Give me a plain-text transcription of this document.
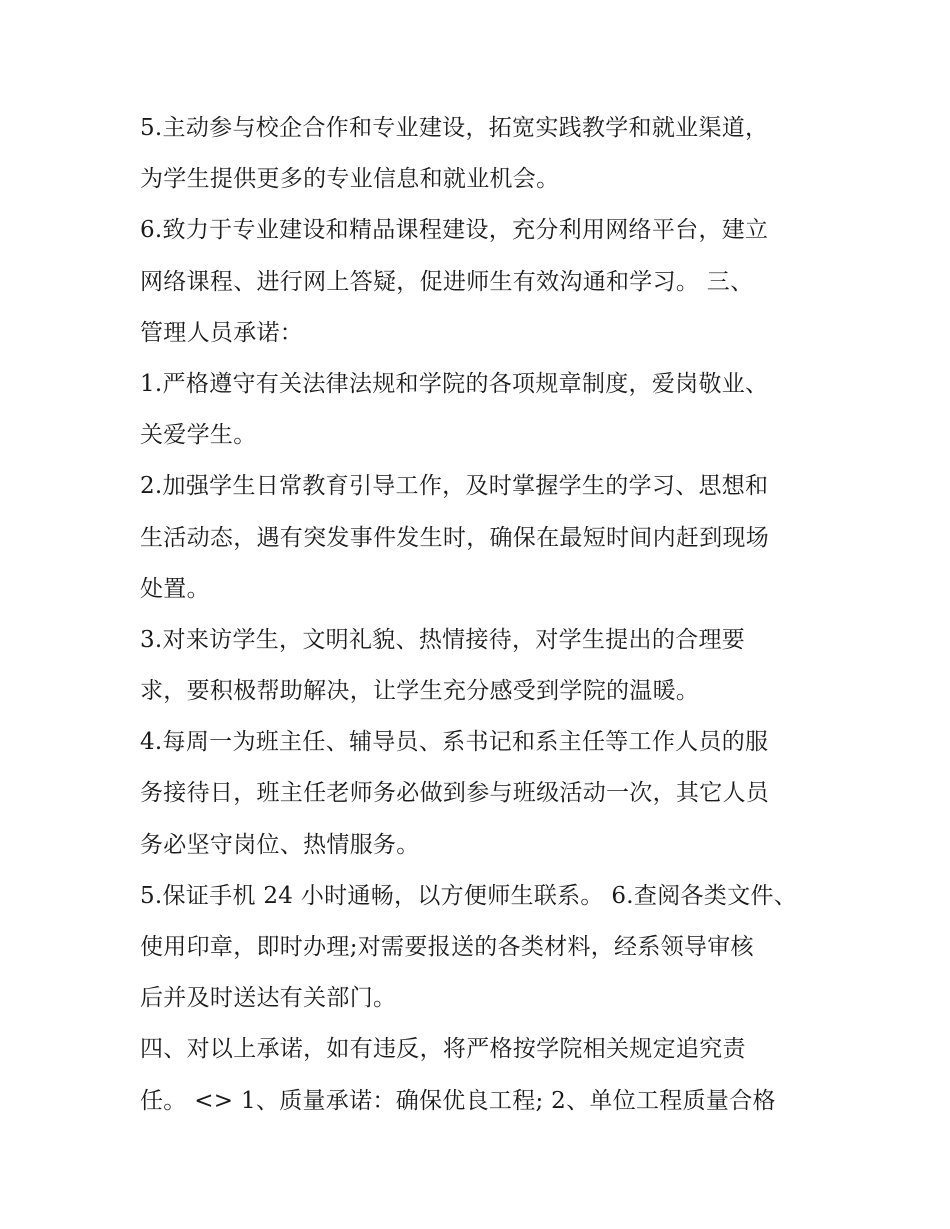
5.主动参与校企合作和专业建设，拓宽实践教学和就业渠道，
为学生提供更多的专业信息和就业机会。
6.致力于专业建设和精品课程建设，充分利用网络平台，建立
网络课程、进行网上答疑，促进师生有效沟通和学习。 三、
管理人员承诺：
1.严格遵守有关法律法规和学院的各项规章制度，爱岗敬业、
关爱学生。
2.加强学生日常教育引导工作，及时掌握学生的学习、思想和
生活动态，遇有突发事件发生时，确保在最短时间内赶到现场
处置。
3.对来访学生，文明礼貌、热情接待，对学生提出的合理要
求，要积极帮助解决，让学生充分感受到学院的温暖。
4.每周一为班主任、辅导员、系书记和系主任等工作人员的服
务接待日，班主任老师务必做到参与班级活动一次，其它人员
务必坚守岗位、热情服务。
5.保证手机 24 小时通畅，以方便师生联系。 6.查阅各类文件、
使用印章，即时办理;对需要报送的各类材料，经系领导审核
后并及时送达有关部门。
四、对以上承诺，如有违反，将严格按学院相关规定追究责
任。 <> 1、质量承诺：确保优良工程; 2、单位工程质量合格
